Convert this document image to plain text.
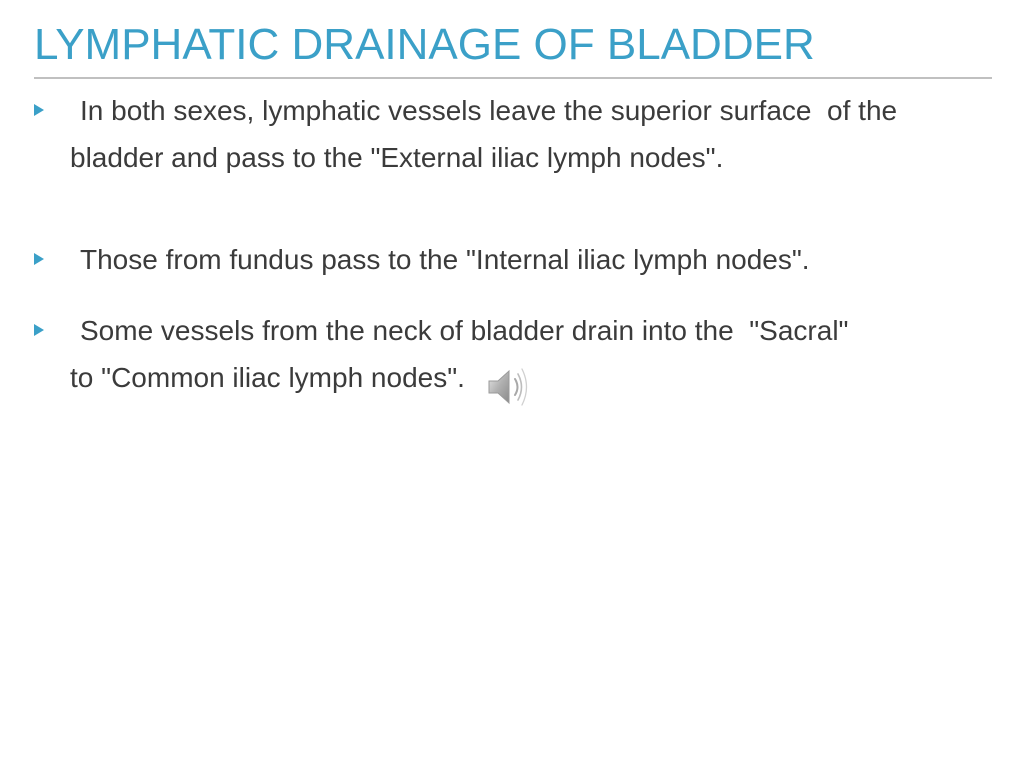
LYMPHATIC DRAINAGE OF BLADDER
In both sexes, lymphatic vessels leave the superior surface  of the bladder and pass to the "External iliac lymph nodes".
Those from fundus pass to the "Internal iliac lymph nodes".
Some vessels from the neck of bladder drain into the  "Sacral" to "Common iliac lymph nodes".
